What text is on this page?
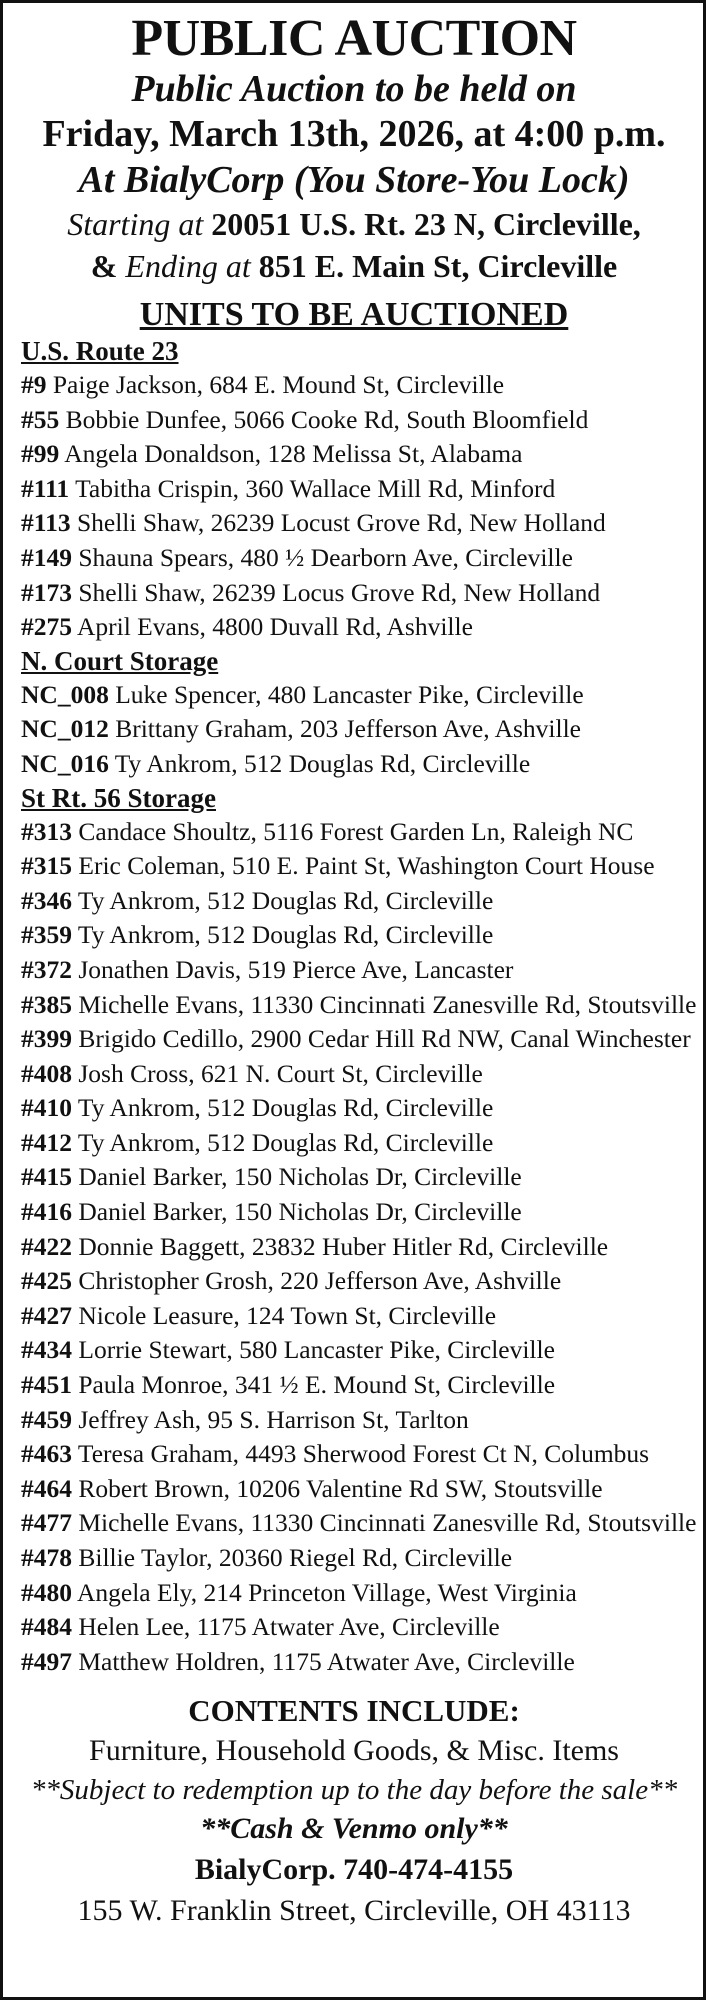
PUBLIC AUCTION
Public Auction to be held on
Friday, March 13th, 2026, at 4:00 p.m.
At BialyCorp (You Store-You Lock)
Starting at 20051 U.S. Rt. 23 N, Circleville,
& Ending at 851 E. Main St, Circleville
UNITS TO BE AUCTIONED
U.S. Route 23
#9 Paige Jackson, 684 E. Mound St, Circleville
#55 Bobbie Dunfee, 5066 Cooke Rd, South Bloomfield
#99 Angela Donaldson, 128 Melissa St, Alabama
#111 Tabitha Crispin, 360 Wallace Mill Rd, Minford
#113 Shelli Shaw, 26239 Locust Grove Rd, New Holland
#149 Shauna Spears, 480 ½ Dearborn Ave, Circleville
#173 Shelli Shaw, 26239 Locus Grove Rd, New Holland
#275 April Evans, 4800 Duvall Rd, Ashville
N. Court Storage
NC_008 Luke Spencer, 480 Lancaster Pike, Circleville
NC_012 Brittany Graham, 203 Jefferson Ave, Ashville
NC_016 Ty Ankrom, 512 Douglas Rd, Circleville
St Rt. 56 Storage
#313 Candace Shoultz, 5116 Forest Garden Ln, Raleigh NC
#315 Eric Coleman, 510 E. Paint St, Washington Court House
#346 Ty Ankrom, 512 Douglas Rd, Circleville
#359 Ty Ankrom, 512 Douglas Rd, Circleville
#372 Jonathen Davis, 519 Pierce Ave, Lancaster
#385 Michelle Evans, 11330 Cincinnati Zanesville Rd, Stoutsville
#399 Brigido Cedillo, 2900 Cedar Hill Rd NW, Canal Winchester
#408 Josh Cross, 621 N. Court St, Circleville
#410 Ty Ankrom, 512 Douglas Rd, Circleville
#412 Ty Ankrom, 512 Douglas Rd, Circleville
#415 Daniel Barker, 150 Nicholas Dr, Circleville
#416 Daniel Barker, 150 Nicholas Dr, Circleville
#422 Donnie Baggett, 23832 Huber Hitler Rd, Circleville
#425 Christopher Grosh, 220 Jefferson Ave, Ashville
#427 Nicole Leasure, 124 Town St, Circleville
#434 Lorrie Stewart, 580 Lancaster Pike, Circleville
#451 Paula Monroe, 341 ½ E. Mound St, Circleville
#459 Jeffrey Ash, 95 S. Harrison St, Tarlton
#463 Teresa Graham, 4493 Sherwood Forest Ct N, Columbus
#464 Robert Brown, 10206 Valentine Rd SW, Stoutsville
#477 Michelle Evans, 11330 Cincinnati Zanesville Rd, Stoutsville
#478 Billie Taylor, 20360 Riegel Rd, Circleville
#480 Angela Ely, 214 Princeton Village, West Virginia
#484 Helen Lee, 1175 Atwater Ave, Circleville
#497 Matthew Holdren, 1175 Atwater Ave, Circleville
CONTENTS INCLUDE:
Furniture, Household Goods, & Misc. Items
**Subject to redemption up to the day before the sale**
**Cash & Venmo only**
BialyCorp. 740-474-4155
155 W. Franklin Street, Circleville, OH 43113
